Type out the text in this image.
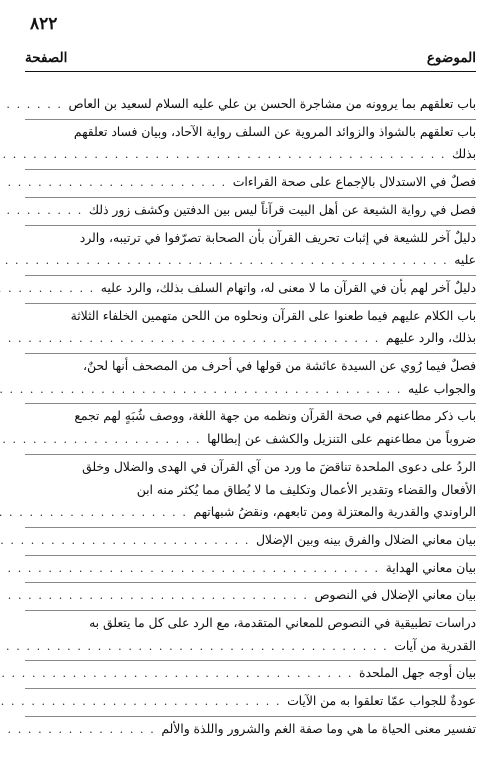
٨٢٢
الموضوع
الصفحة
باب تعلقهم بما يروونه من مشاجرة الحسن بن علي عليه السلام لسعيد بن العاص
. . .
باب تعلقهم بالشواذ والزوائد المروية عن السلف رواية الآحاد، وبيان فساد تعلقهم
بذلك
. . .
فصلٌ في الاستدلال بالإجماع على صحة القراءات
. . .
فصل في رواية الشيعة عن أهل البيت قرآناً ليس بين الدفتين وكشف زور ذلك
. . .
دليلٌ آخر للشيعة في إثبات تحريف القرآن بأن الصحابة تصرّفوا في ترتيبه، والرد
عليه
. . .
دليلٌ آخر لهم بأن في القرآن ما لا معنى له، واتهام السلف بذلك، والرد عليه
. . .
باب الكلام عليهم فيما طعنوا على القرآن ونحلوه من اللحن متهمين الخلفاء الثلاثة
بذلك، والرد عليهم
. . .
فصلٌ فيما رُوي عن السيدة عائشة من قولها في أحرف من المصحف أنها لحنٌ،
والجواب عليه
. . .
باب ذكر مطاعنهم في صحة القرآن ونظمه من جهة اللغة، ووصف شُبَهٍ لهم تجمع
ضروباً من مطاعنهم على التنزيل والكشف عن إبطالها
. . .
الردُ على دعوى الملحدة تناقضَ ما ورد من آي القرآن في الهدى والضلال وخلق
الأفعال والقضاء وتقدير الأعمال وتكليف ما لا يُطاق مما يُكثر منه ابن
الراوندي والقدرية والمعتزلة ومن تابعهم، ونقضُ شبهاتهم
. . .
بيان معاني الضلال والفرق بينه وبين الإضلال
. . .
بيان معاني الهداية
. . .
بيان معاني الإضلال في النصوص
. . .
دراسات تطبيقية في النصوص للمعاني المتقدمة، مع الرد على كل ما يتعلق به
القدرية من آيات
. . .
بيان أوجه جهل الملحدة
. . .
عودةٌ للجواب عمّا تعلقوا به من الآيات
. . .
تفسير معنى الحياة ما هي وما صفة الغم والشرور واللذة والألم
. . .
